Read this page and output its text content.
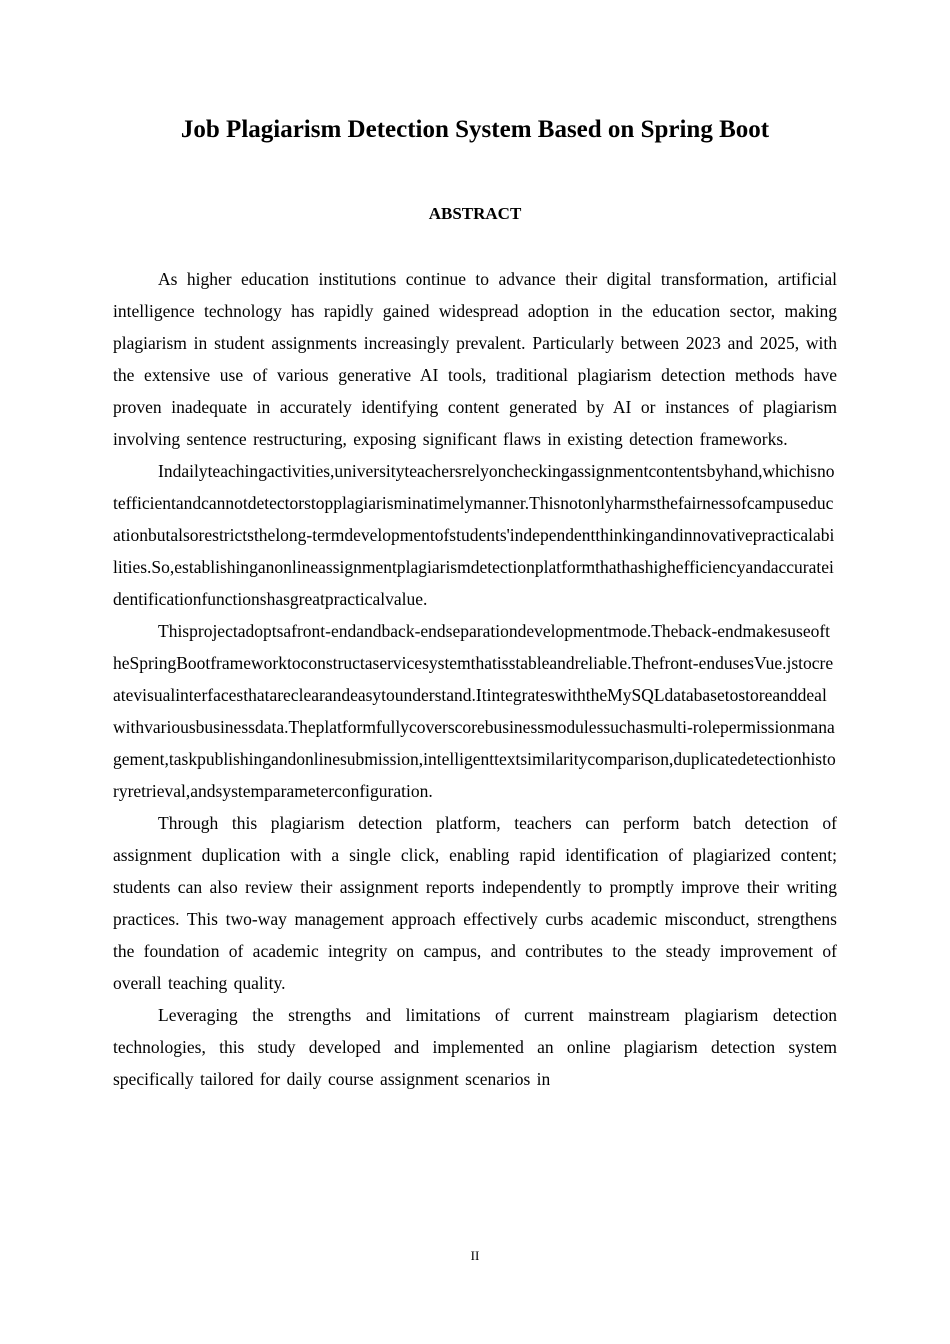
Job Plagiarism Detection System Based on Spring Boot
ABSTRACT

As higher education institutions continue to advance their digital transformation, artificial intelligence technology has rapidly gained widespread adoption in the education sector, making plagiarism in student assignments increasingly prevalent. Particularly between 2023 and 2025, with the extensive use of various generative AI tools, traditional plagiarism detection methods have proven inadequate in accurately identifying content generated by AI or instances of plagiarism involving sentence restructuring, exposing significant flaws in existing detection frameworks.

Indailyteachingactivities,universityteachersrelyoncheckingassignmentcontentsbyhand,whichisnotefficientandcannotdetectorstopplagiarisminatimelymanner.Thisnotonlyharmsthefairnessofcampuseducationbutalsorestrictsthelong-termdevelopmentofstudents'independentthinkingandinnovativepracticalabilities.So,establishinganonlineassignmentplagiarismdetectionplatformthathashighefficiencyandaccurateidentificationfunctionshasgreatpracticalvalue.

Thisprojectadoptsafront-endandback-endseparationdevelopmentmode.Theback-endmakesuseoftheSpringBootframeworktoconstructaservicesystemthatisstableandreliable.Thefront-endusesVue.jstocreatevisualinterfacesthatareclearandeasytounderstand.ItintegrateswiththeMySQLdatabasetostoreanddealwithvariousbusinessdata.Theplatformfullycoverscorebusinessmodulessuchasmulti-rolepermissionmanagement,taskpublishingandonlinesubmission,intelligenttextsimilaritycomparison,duplicatedetectionhistoryretrieval,andsystemparameterconfiguration.

Through this plagiarism detection platform, teachers can perform batch detection of assignment duplication with a single click, enabling rapid identification of plagiarized content; students can also review their assignment reports independently to promptly improve their writing practices. This two-way management approach effectively curbs academic misconduct, strengthens the foundation of academic integrity on campus, and contributes to the steady improvement of overall teaching quality.

Leveraging the strengths and limitations of current mainstream plagiarism detection technologies, this study developed and implemented an online plagiarism detection system specifically tailored for daily course assignment scenarios in

II
